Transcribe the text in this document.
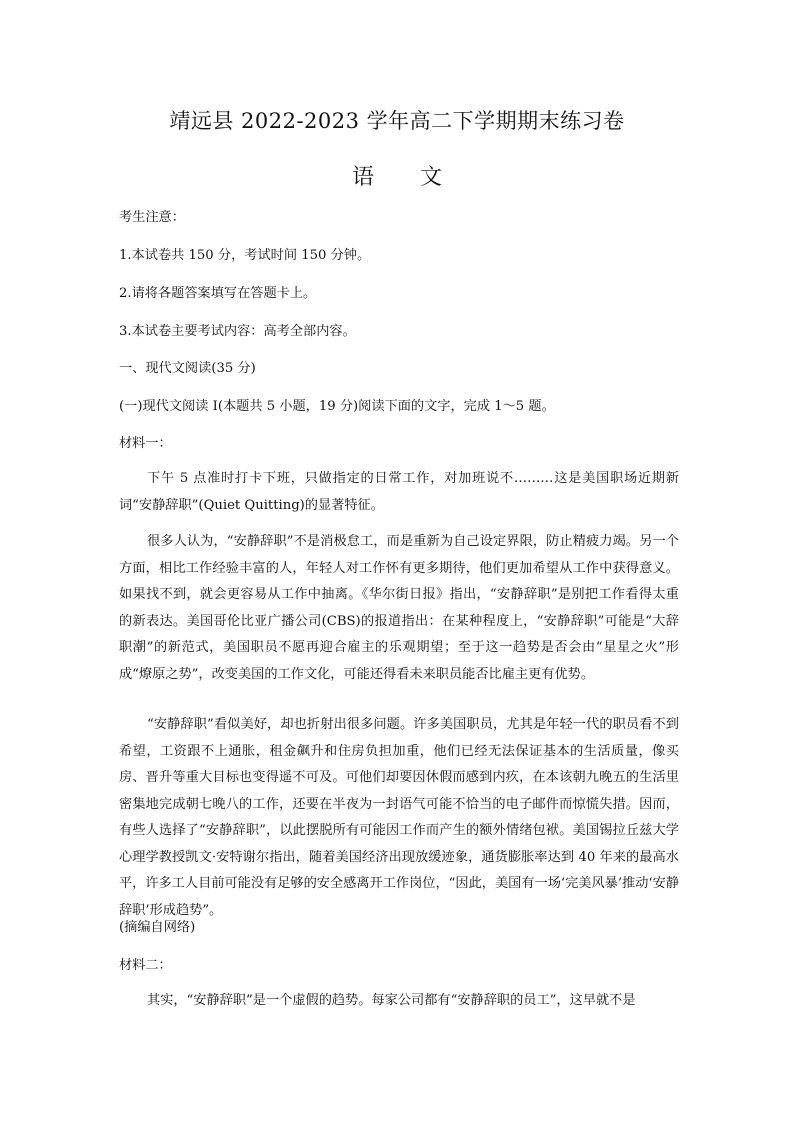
靖远县 2022-2023 学年高二下学期期末练习卷
语文
考生注意：
1.本试卷共 150 分，考试时间 150 分钟。
2.请将各题答案填写在答题卡上。
3.本试卷主要考试内容：高考全部内容。
一、现代文阅读(35 分)
(一)现代文阅读 I(本题共 5 小题，19 分)阅读下面的文字，完成 1～5 题。
材料一：
下午 5 点准时打卡下班，只做指定的日常工作，对加班说不………这是美国职场近期新词“安静辞职”(Quiet Quitting)的显著特征。
很多人认为，“安静辞职”不是消极怠工，而是重新为自己设定界限，防止精疲力竭。另一个方面，相比工作经验丰富的人，年轻人对工作怀有更多期待，他们更加希望从工作中获得意义。如果找不到，就会更容易从工作中抽离。《华尔街日报》指出，“安静辞职”是别把工作看得太重的新表达。美国哥伦比亚广播公司(CBS)的报道指出：在某种程度上，“安静辞职”可能是“大辞职潮”的新范式，美国职员不愿再迎合雇主的乐观期望；至于这一趋势是否会由“星星之火”形成“燎原之势”，改变美国的工作文化，可能还得看未来职员能否比雇主更有优势。
“安静辞职”看似美好，却也折射出很多问题。许多美国职员，尤其是年轻一代的职员看不到希望，工资跟不上通胀，租金飙升和住房负担加重，他们已经无法保证基本的生活质量，像买房、晋升等重大目标也变得遥不可及。可他们却要因休假而感到内疚，在本该朝九晚五的生活里密集地完成朝七晚八的工作，还要在半夜为一封语气可能不恰当的电子邮件而惊慌失措。因而，有些人选择了“安静辞职”，以此摆脱所有可能因工作而产生的额外情绪包袱。美国锡拉丘兹大学心理学教授凯文·安特谢尔指出，随着美国经济出现放缓迹象，通货膨胀率达到 40 年来的最高水平，许多工人目前可能没有足够的安全感离开工作岗位，“因此，美国有一场‘完美风暴’推动‘安静辞职’形成趋势”。
(摘编自网络)
材料二：
其实，“安静辞职”是一个虚假的趋势。每家公司都有“安静辞职的员工”，这早就不是
